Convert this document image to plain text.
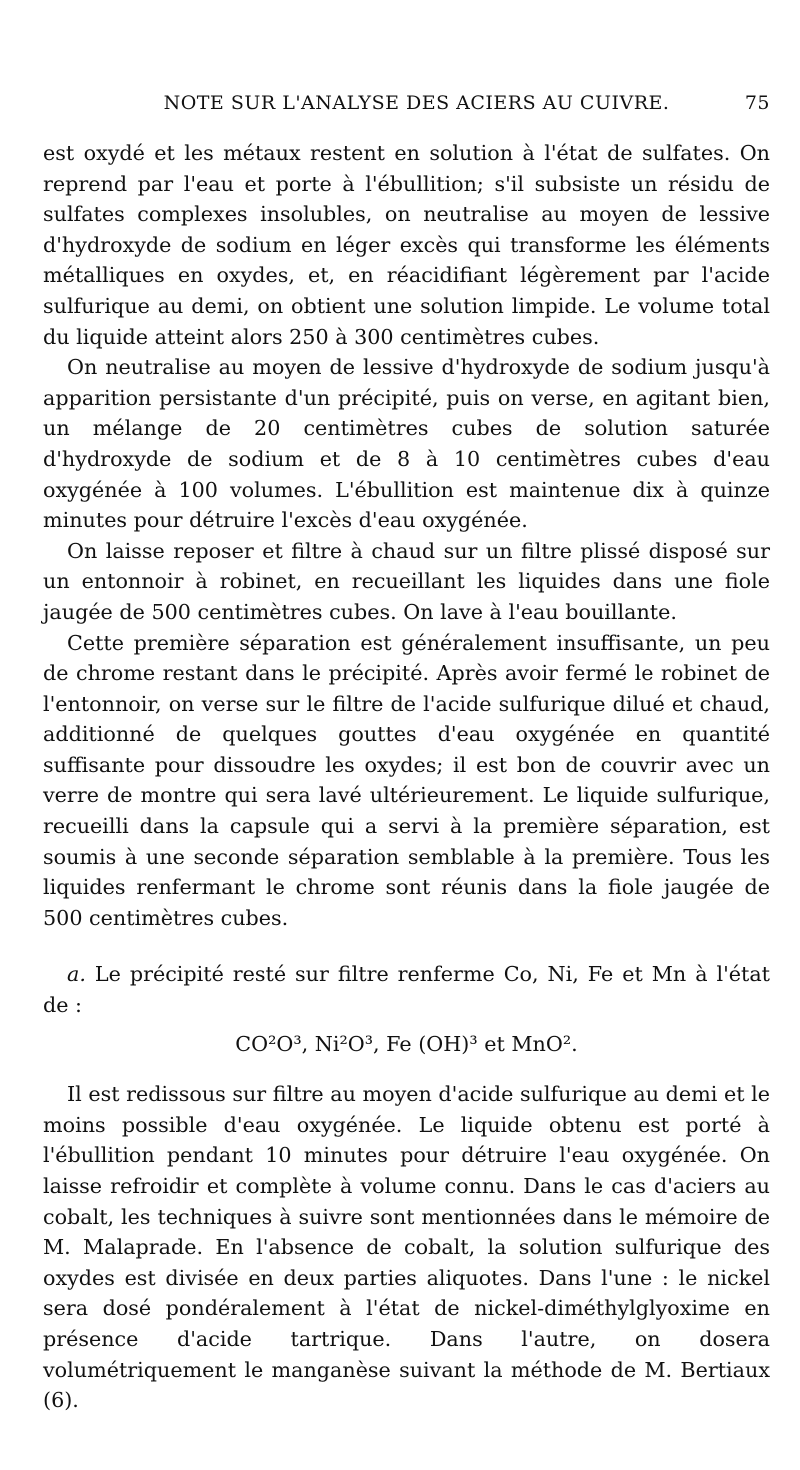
NOTE SUR L'ANALYSE DES ACIERS AU CUIVRE.	75

est oxydé et les métaux restent en solution à l'état de sulfates. On reprend par l'eau et porte à l'ébullition; s'il subsiste un résidu de sulfates complexes insolubles, on neutralise au moyen de lessive d'hydroxyde de sodium en léger excès qui transforme les éléments métalliques en oxydes, et, en réacidifiant légèrement par l'acide sulfurique au demi, on obtient une solution limpide. Le volume total du liquide atteint alors 250 à 300 centimètres cubes.

On neutralise au moyen de lessive d'hydroxyde de sodium jusqu'à apparition persistante d'un précipité, puis on verse, en agitant bien, un mélange de 20 centimètres cubes de solution saturée d'hydroxyde de sodium et de 8 à 10 centimètres cubes d'eau oxygénée à 100 volumes. L'ébullition est maintenue dix à quinze minutes pour détruire l'excès d'eau oxygénée.

On laisse reposer et filtre à chaud sur un filtre plissé disposé sur un entonnoir à robinet, en recueillant les liquides dans une fiole jaugée de 500 centimètres cubes. On lave à l'eau bouillante.

Cette première séparation est généralement insuffisante, un peu de chrome restant dans le précipité. Après avoir fermé le robinet de l'entonnoir, on verse sur le filtre de l'acide sulfurique dilué et chaud, additionné de quelques gouttes d'eau oxygénée en quantité suffisante pour dissoudre les oxydes; il est bon de couvrir avec un verre de montre qui sera lavé ultérieurement. Le liquide sulfurique, recueilli dans la capsule qui a servi à la première séparation, est soumis à une seconde séparation semblable à la première. Tous les liquides renfermant le chrome sont réunis dans la fiole jaugée de 500 centimètres cubes.

a. Le précipité resté sur filtre renferme Co, Ni, Fe et Mn à l'état de :

CO²O³, Ni²O³, Fe (OH)³ et MnO².

Il est redissous sur filtre au moyen d'acide sulfurique au demi et le moins possible d'eau oxygénée. Le liquide obtenu est porté à l'ébullition pendant 10 minutes pour détruire l'eau oxygénée. On laisse refroidir et complète à volume connu. Dans le cas d'aciers au cobalt, les techniques à suivre sont mentionnées dans le mémoire de M. Malaprade. En l'absence de cobalt, la solution sulfurique des oxydes est divisée en deux parties aliquotes. Dans l'une : le nickel sera dosé pondéralement à l'état de nickel-diméthylglyoxime en présence d'acide tartrique. Dans l'autre, on dosera volumétriquement le manganèse suivant la méthode de M. Bertiaux (6).
